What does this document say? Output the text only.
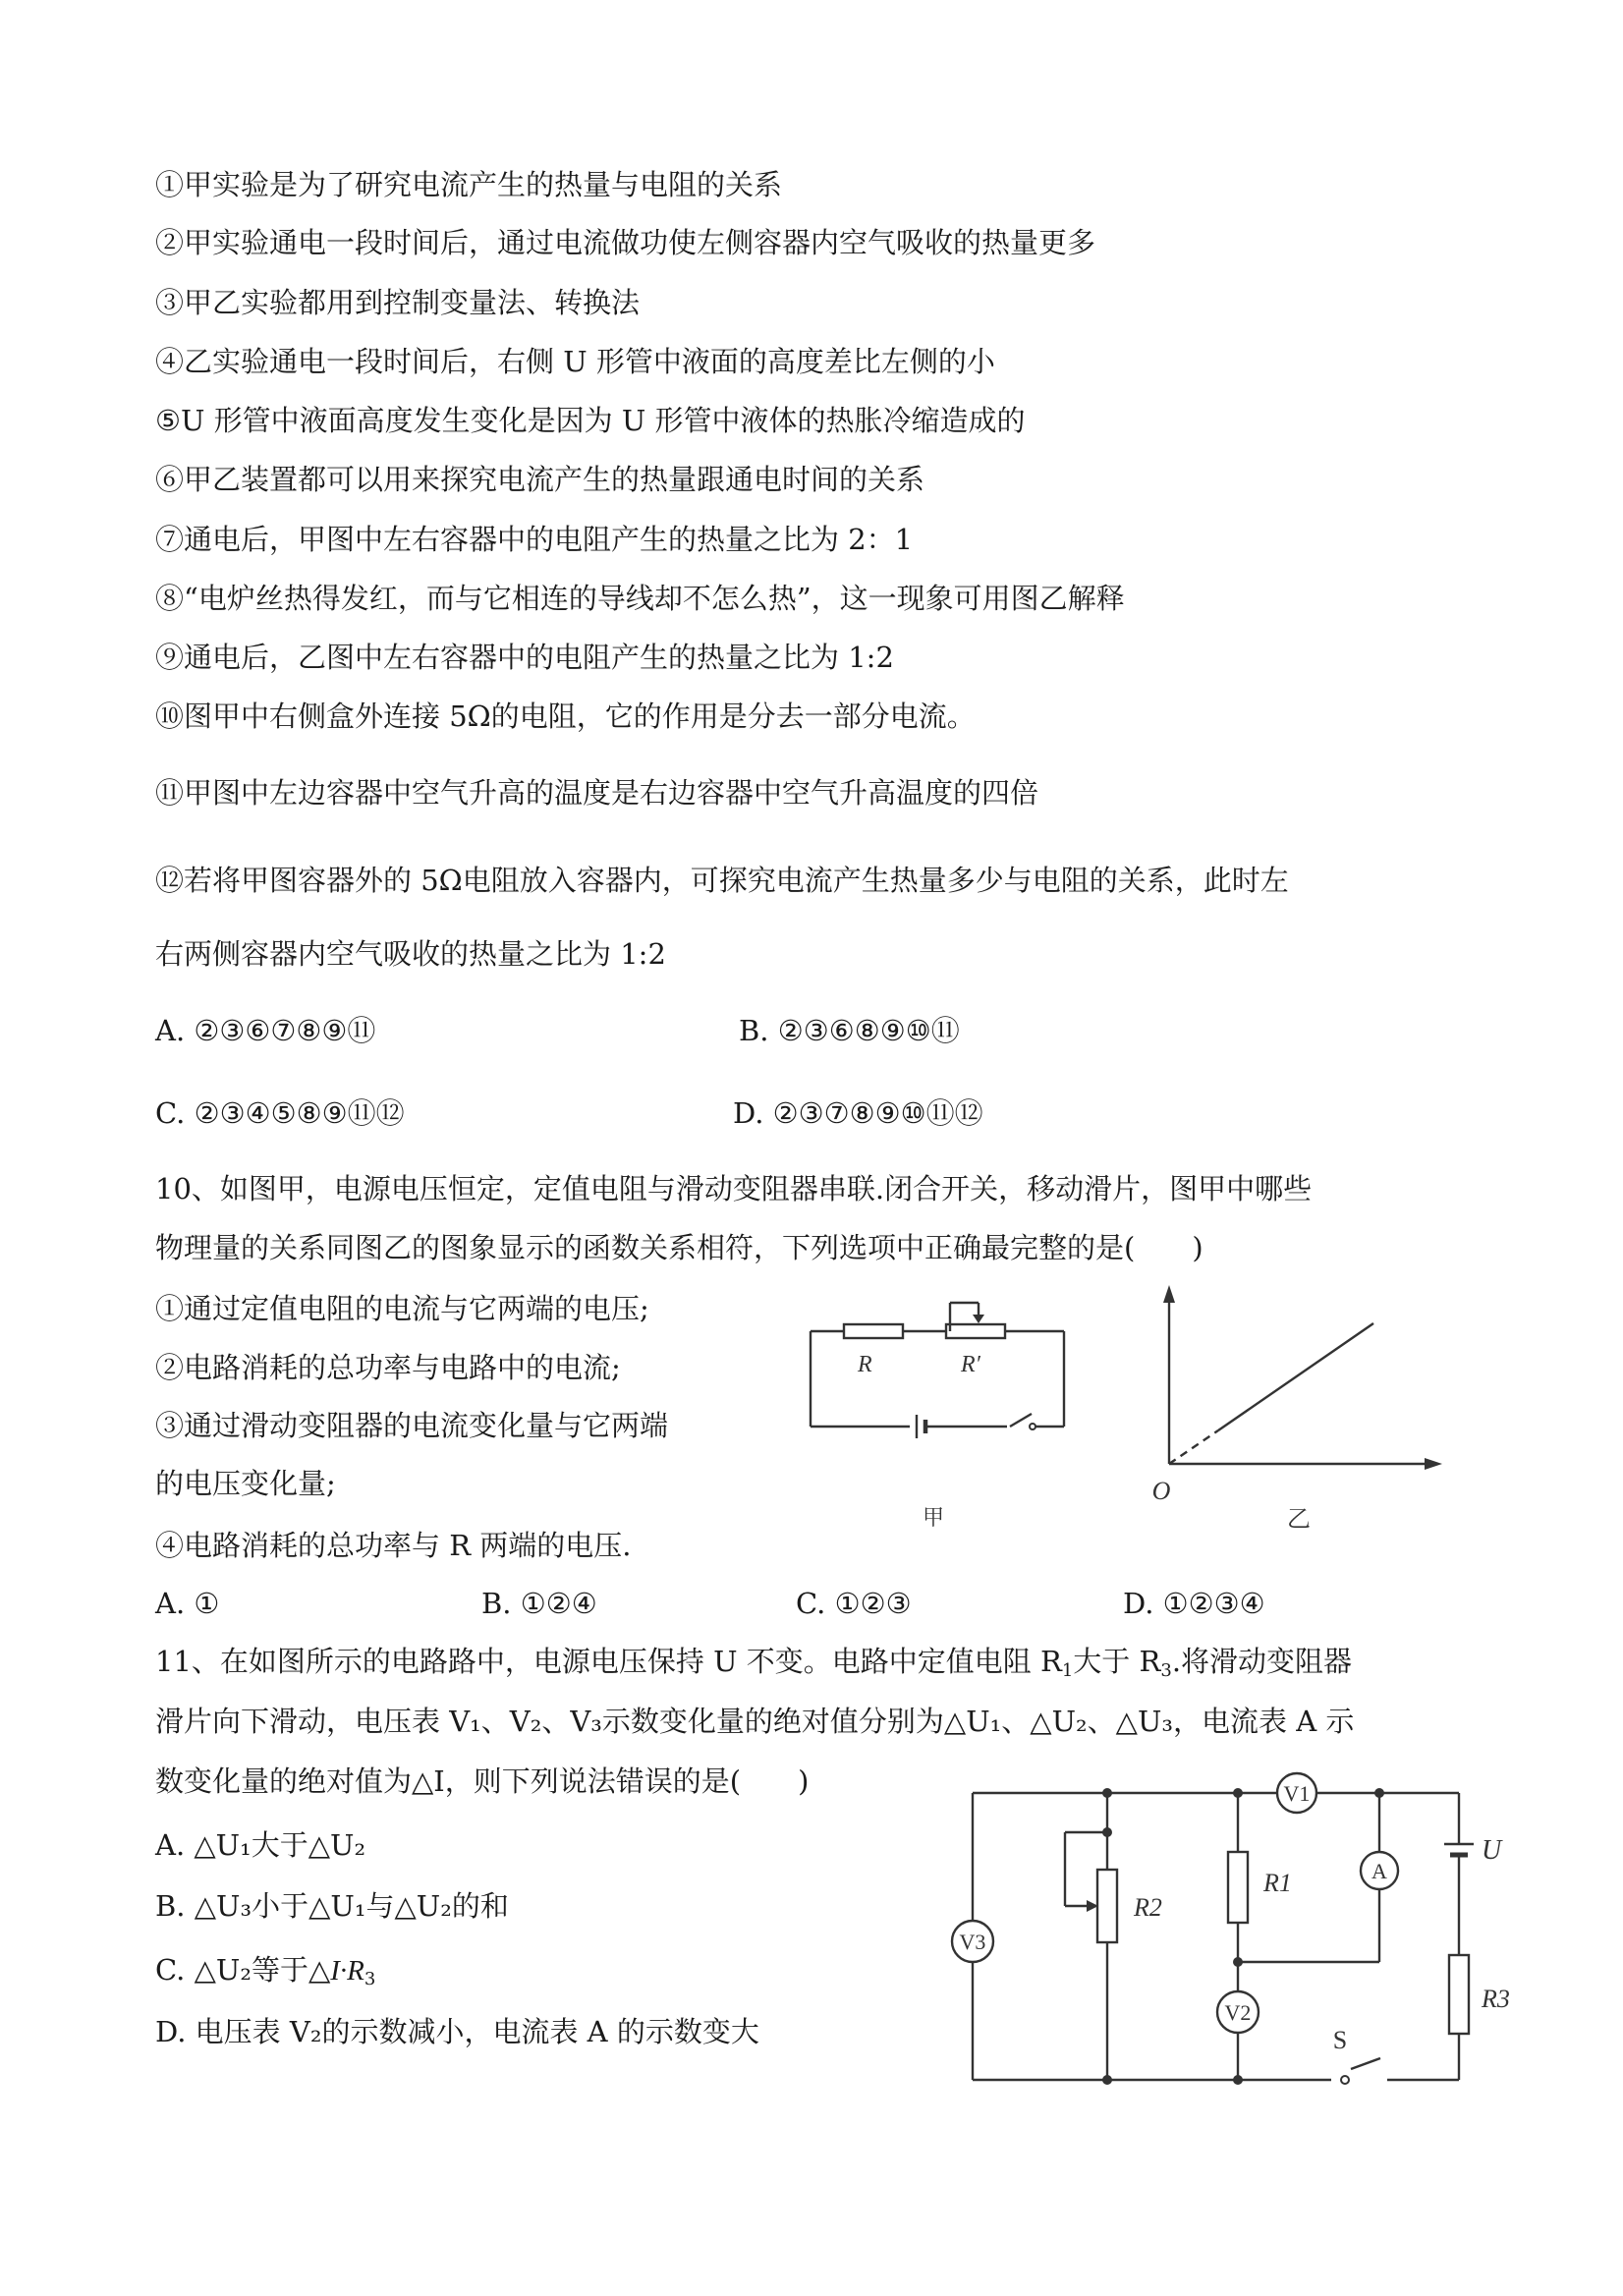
①甲实验是为了研究电流产生的热量与电阻的关系
②甲实验通电一段时间后，通过电流做功使左侧容器内空气吸收的热量更多
③甲乙实验都用到控制变量法、转换法
④乙实验通电一段时间后，右侧 U 形管中液面的高度差比左侧的小
⑤U 形管中液面高度发生变化是因为 U 形管中液体的热胀冷缩造成的
⑥甲乙装置都可以用来探究电流产生的热量跟通电时间的关系
⑦通电后，甲图中左右容器中的电阻产生的热量之比为 2：1
⑧“电炉丝热得发红，而与它相连的导线却不怎么热”，这一现象可用图乙解释
⑨通电后，乙图中左右容器中的电阻产生的热量之比为 1:2
⑩图甲中右侧盒外连接 5Ω的电阻，它的作用是分去一部分电流。
⑪甲图中左边容器中空气升高的温度是右边容器中空气升高温度的四倍
⑫若将甲图容器外的 5Ω电阻放入容器内，可探究电流产生热量多少与电阻的关系，此时左
右两侧容器内空气吸收的热量之比为 1:2
A. ②③⑥⑦⑧⑨⑪	B. ②③⑥⑧⑨⑩⑪
C. ②③④⑤⑧⑨⑪⑫	D. ②③⑦⑧⑨⑩⑪⑫
10、如图甲，电源电压恒定，定值电阻与滑动变阻器串联.闭合开关，移动滑片，图甲中哪些
物理量的关系同图乙的图象显示的函数关系相符，下列选项中正确最完整的是(　　)
①通过定值电阻的电流与它两端的电压;
②电路消耗的总功率与电路中的电流;
③通过滑动变阻器的电流变化量与它两端
的电压变化量;
④电路消耗的总功率与 R 两端的电压.
R	R′
甲
O
乙
A. ①	B. ①②④	C. ①②③	D. ①②③④
11、在如图所示的电路路中，电源电压保持 U 不变。电路中定值电阻 $R_1$大于 $R_3$.将滑动变阻器
滑片向下滑动，电压表 V₁、V₂、V₃示数变化量的绝对值分别为△U₁、△U₂、△U₃，电流表 A 示
数变化量的绝对值为△I，则下列说法错误的是(　　)
A. △U₁大于△U₂
B. △U₃小于△U₁与△U₂的和
C. △U₂等于$\triangle I\cdot R_3$
D. 电压表 V₂的示数减小，电流表 A 的示数变大
V1
V3
V2
A
R2
R1
R3
U
S
